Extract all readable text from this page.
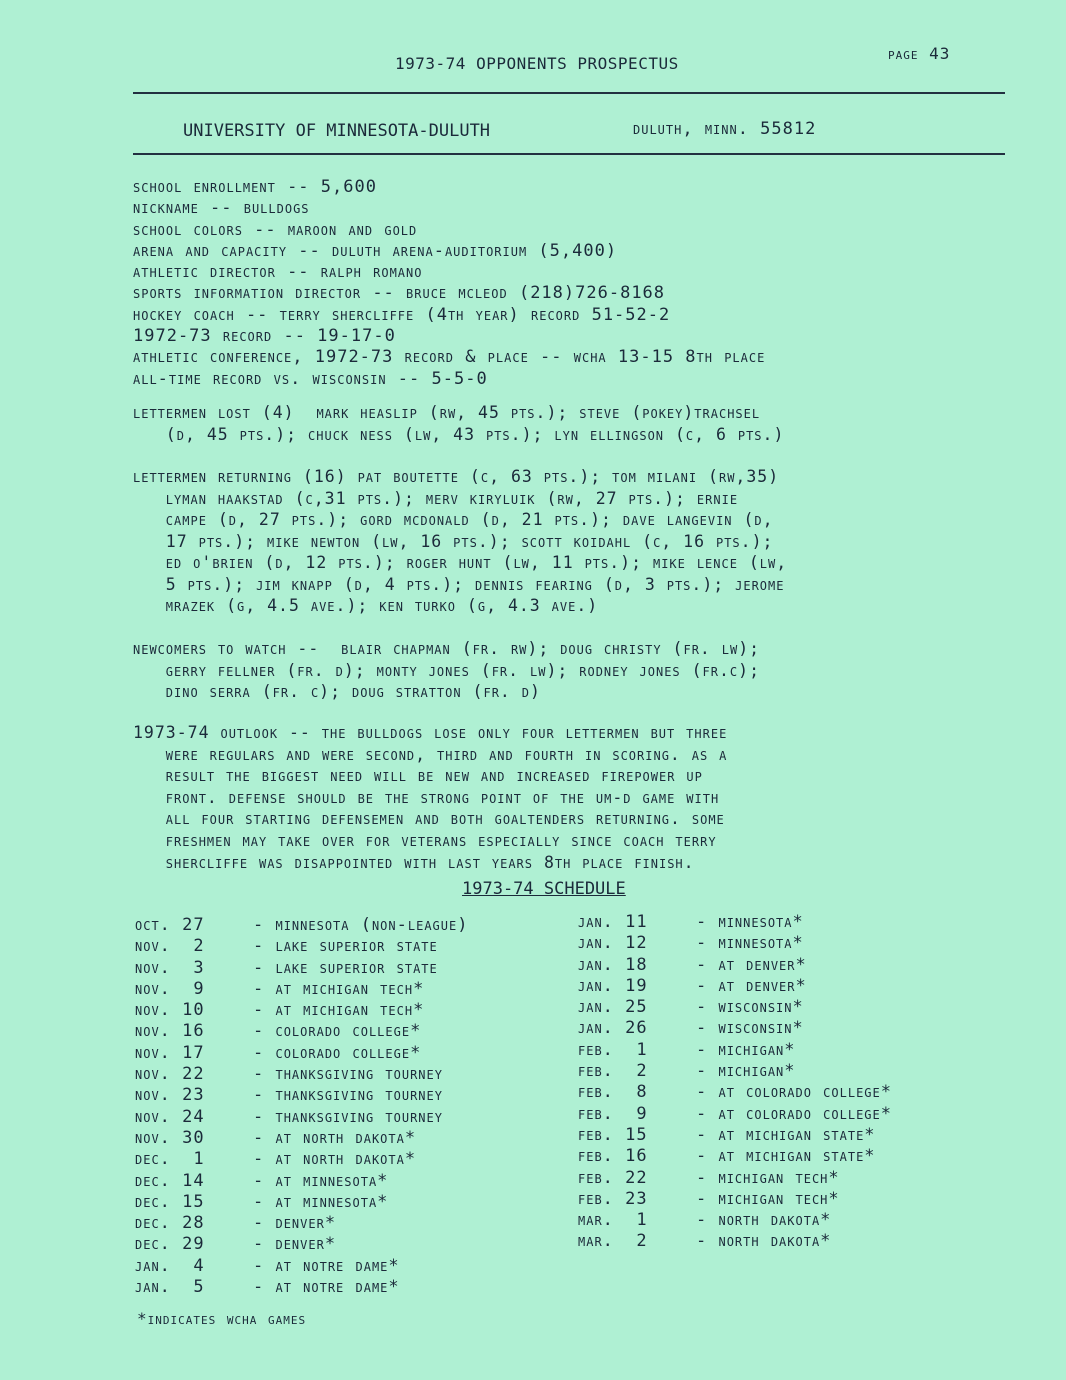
1973-74 OPPONENTS PROSPECTUS
page 43
UNIVERSITY OF MINNESOTA-DULUTH	duluth, minn. 55812
school enrollment -- 5,600
nickname -- bulldogs
school colors -- maroon and gold
arena and capacity -- duluth arena-auditorium (5,400)
athletic director -- ralph romano
sports information director -- bruce mcleod (218)726-8168
hockey coach -- terry shercliffe (4th year) record 51-52-2
1972-73 record -- 19-17-0
athletic conference, 1972-73 record & place -- wcha 13-15 8th place
all-time record vs. wisconsin -- 5-5-0
lettermen lost (4)  mark heaslip (rw, 45 pts.); steve (pokey)trachsel
(d, 45 pts.); chuck ness (lw, 43 pts.); lyn ellingson (c, 6 pts.)
lettermen returning (16) pat boutette (c, 63 pts.); tom milani (rw,35)
lyman haakstad (c,31 pts.); merv kiryluik (rw, 27 pts.); ernie
campe (d, 27 pts.); gord mcdonald (d, 21 pts.); dave langevin (d,
17 pts.); mike newton (lw, 16 pts.); scott koidahl (c, 16 pts.);
ed o'brien (d, 12 pts.); roger hunt (lw, 11 pts.); mike lence (lw,
5 pts.); jim knapp (d, 4 pts.); dennis fearing (d, 3 pts.); jerome
mrazek (g, 4.5 ave.); ken turko (g, 4.3 ave.)
newcomers to watch --  blair chapman (fr. rw); doug christy (fr. lw);
gerry fellner (fr. d); monty jones (fr. lw); rodney jones (fr.c);
dino serra (fr. c); doug stratton (fr. d)
1973-74 outlook -- the bulldogs lose only four lettermen but three
were regulars and were second, third and fourth in scoring. as a
result the biggest need will be new and increased firepower up
front. defense should be the strong point of the um-d game with
all four starting defensemen and both goaltenders returning. some
freshmen may take over for veterans especially since coach terry
shercliffe was disappointed with last years 8th place finish.
1973-74 SCHEDULE
oct. 27	- minnesota (non-league)
nov.  2	- lake superior state
nov.  3	- lake superior state
nov.  9	- at michigan tech*
nov. 10	- at michigan tech*
nov. 16	- colorado college*
nov. 17	- colorado college*
nov. 22	- thanksgiving tourney
nov. 23	- thanksgiving tourney
nov. 24	- thanksgiving tourney
nov. 30	- at north dakota*
dec.  1	- at north dakota*
dec. 14	- at minnesota*
dec. 15	- at minnesota*
dec. 28	- denver*
dec. 29	- denver*
jan.  4	- at notre dame*
jan.  5	- at notre dame*
jan. 11	- minnesota*
jan. 12	- minnesota*
jan. 18	- at denver*
jan. 19	- at denver*
jan. 25	- wisconsin*
jan. 26	- wisconsin*
feb.  1	- michigan*
feb.  2	- michigan*
feb.  8	- at colorado college*
feb.  9	- at colorado college*
feb. 15	- at michigan state*
feb. 16	- at michigan state*
feb. 22	- michigan tech*
feb. 23	- michigan tech*
mar.  1	- north dakota*
mar.  2	- north dakota*
*indicates wcha games
